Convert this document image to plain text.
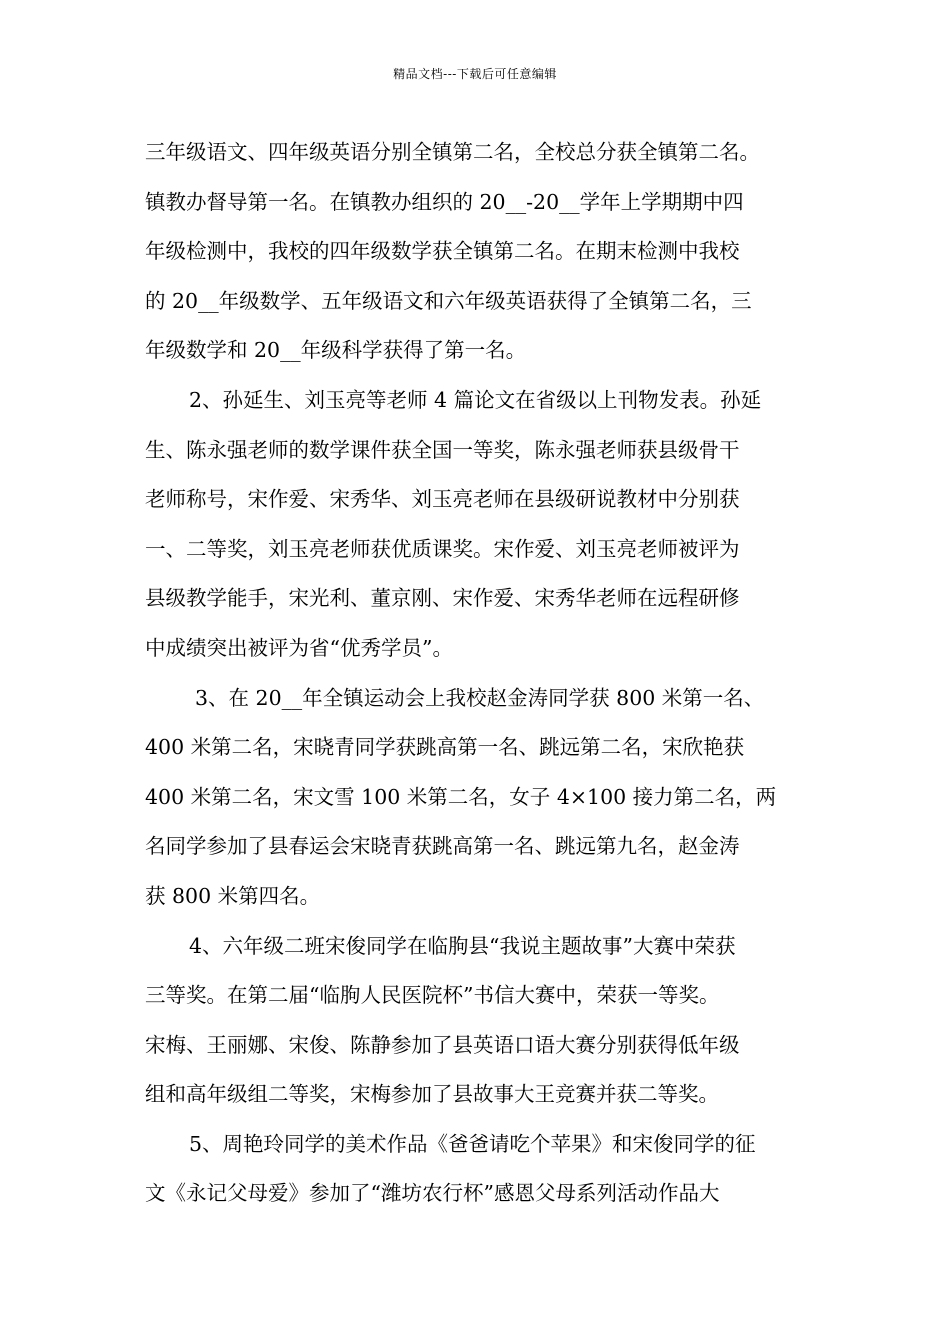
精品文档---下载后可任意编辑
三年级语文、四年级英语分别全镇第二名，全校总分获全镇第二名。
镇教办督导第一名。在镇教办组织的 20__-20__学年上学期期中四
年级检测中，我校的四年级数学获全镇第二名。在期末检测中我校
的 20__年级数学、五年级语文和六年级英语获得了全镇第二名，三
年级数学和 20__年级科学获得了第一名。
2、孙延生、刘玉亮等老师 4 篇论文在省级以上刊物发表。孙延
生、陈永强老师的数学课件获全国一等奖，陈永强老师获县级骨干
老师称号，宋作爱、宋秀华、刘玉亮老师在县级研说教材中分别获
一、二等奖，刘玉亮老师获优质课奖。宋作爱、刘玉亮老师被评为
县级教学能手，宋光利、董京刚、宋作爱、宋秀华老师在远程研修
中成绩突出被评为省“优秀学员”。
3、在 20__年全镇运动会上我校赵金涛同学获 800 米第一名、
400 米第二名，宋晓青同学获跳高第一名、跳远第二名，宋欣艳获
400 米第二名，宋文雪 100 米第二名，女子 4×100 接力第二名，两
名同学参加了县春运会宋晓青获跳高第一名、跳远第九名，赵金涛
获 800 米第四名。
4、六年级二班宋俊同学在临朐县“我说主题故事”大赛中荣获
三等奖。在第二届“临朐人民医院杯”书信大赛中，荣获一等奖。
宋梅、王丽娜、宋俊、陈静参加了县英语口语大赛分别获得低年级
组和高年级组二等奖，宋梅参加了县故事大王竞赛并获二等奖。
5、周艳玲同学的美术作品《爸爸请吃个苹果》和宋俊同学的征
文《永记父母爱》参加了“潍坊农行杯”感恩父母系列活动作品大
